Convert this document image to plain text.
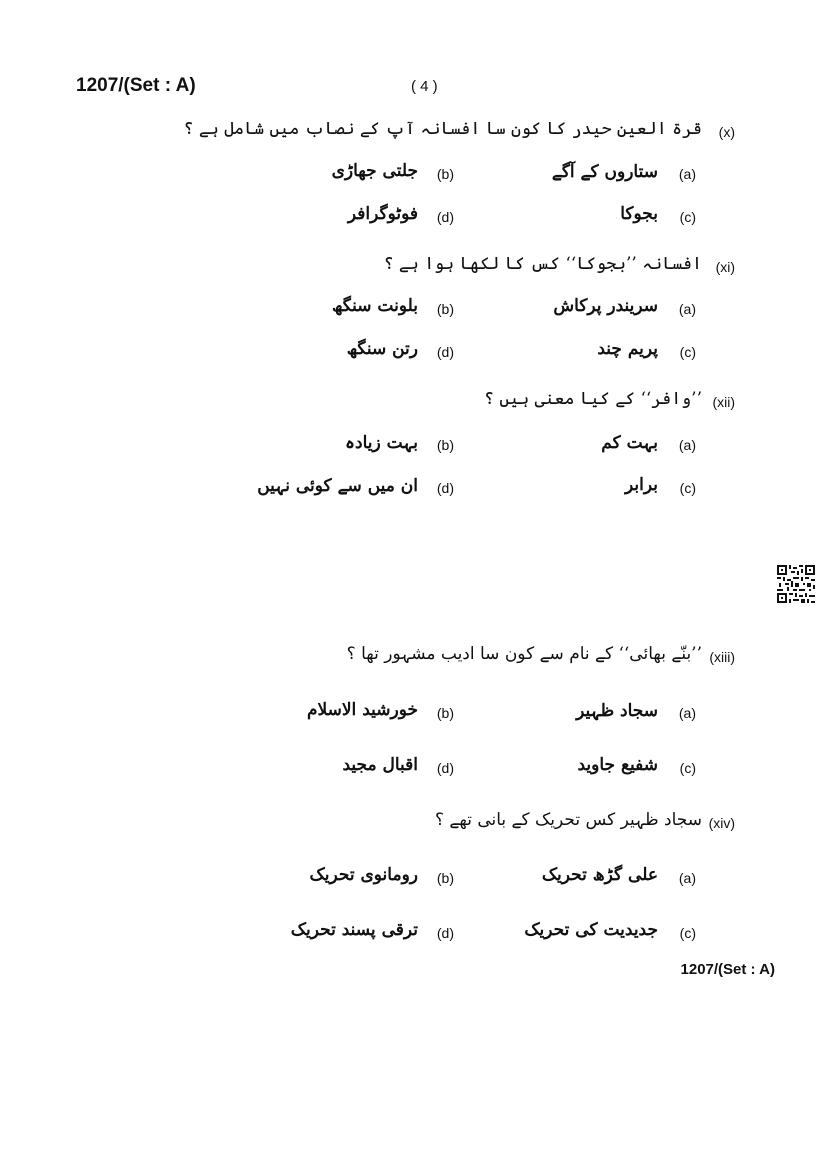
1207/(Set : A)	( 4 )
(x)
قرۃ العین حیدر کا کون سا افسانہ آپ کے نصاب میں شامل ہے ؟
(a)
ستاروں کے آگے
(b)
جلتی جھاڑی
(c)
بجوکا
(d)
فوٹوگرافر
(xi)
افسانہ ’’بجوکا‘‘ کس کا لکھا ہوا ہے ؟
(a)
سریندر پرکاش
(b)
بلونت سنگھ
(c)
پریم چند
(d)
رتن سنگھ
(xii)
’’وافر‘‘ کے کیا معنی ہیں ؟
(a)
بہت کم
(b)
بہت زیادہ
(c)
برابر
(d)
ان میں سے کوئی نہیں
(xiii)
’’بنّے بھائی‘‘ کے نام سے کون سا ادیب مشہور تھا ؟
(a)
سجاد ظہیر
(b)
خورشید الاسلام
(c)
شفیع جاوید
(d)
اقبال مجید
(xiv)
سجاد ظہیر کس تحریک کے بانی تھے ؟
(a)
علی گڑھ تحریک
(b)
رومانوی تحریک
(c)
جدیدیت کی تحریک
(d)
ترقی پسند تحریک
1207/(Set : A)
